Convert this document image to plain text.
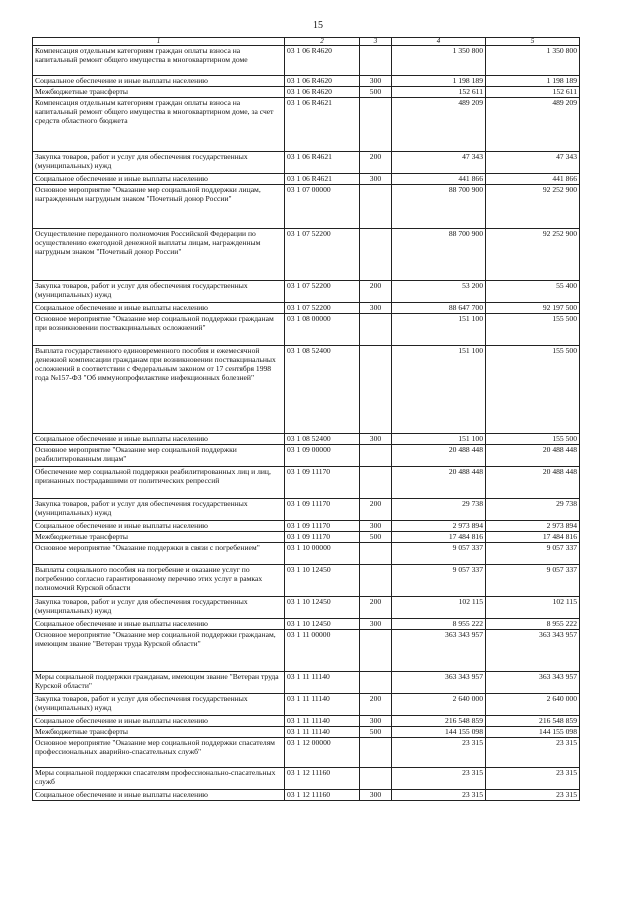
15
1	2	3	4	5
Компенсация отдельным категориям граждан оплаты взноса на капитальный ремонт общего имущества в многоквартирном доме	03 1 06 R4620		1 350 800	1 350 800
Социальное обеспечение и иные выплаты населению	03 1 06 R4620	300	1 198 189	1 198 189
Межбюджетные трансферты	03 1 06 R4620	500	152 611	152 611
Компенсация отдельным категориям граждан оплаты взноса на капитальный ремонт общего имущества в многоквартирном доме, за счет средств областного бюджета	03 1 06 R4621		489 209	489 209
Закупка товаров, работ и услуг для обеспечения государственных (муниципальных) нужд	03 1 06 R4621	200	47 343	47 343
Социальное обеспечение и иные выплаты населению	03 1 06 R4621	300	441 866	441 866
Основное мероприятие "Оказание мер социальной поддержки лицам, награжденным нагрудным знаком "Почетный донор России"	03 1 07 00000		88 700 900	92 252 900
Осуществление переданного полномочия Российской Федерации по осуществлению ежегодной денежной выплаты лицам, награжденным нагрудным знаком "Почетный донор России"	03 1 07 52200		88 700 900	92 252 900
Закупка товаров, работ и услуг для обеспечения государственных (муниципальных) нужд	03 1 07 52200	200	53 200	55 400
Социальное обеспечение и иные выплаты населению	03 1 07 52200	300	88 647 700	92 197 500
Основное мероприятие "Оказание мер социальной поддержки гражданам при возникновении поствакцинальных осложнений"	03 1 08 00000		151 100	155 500
Выплата государственного единовременного пособия и ежемесячной денежной компенсации гражданам при возникновении поствакцинальных осложнений в соответствии с Федеральным законом от 17 сентября 1998 года №157-ФЗ "Об иммунопрофилактике инфекционных болезней"	03 1 08 52400		151 100	155 500
Социальное обеспечение и иные выплаты населению	03 1 08 52400	300	151 100	155 500
Основное мероприятие "Оказание мер социальной поддержки реабилитированным лицам"	03 1 09 00000		20 488 448	20 488 448
Обеспечение мер социальной поддержки реабилитированных лиц и лиц, признанных пострадавшими от политических репрессий	03 1 09 11170		20 488 448	20 488 448
Закупка товаров, работ и услуг для обеспечения государственных (муниципальных) нужд	03 1 09 11170	200	29 738	29 738
Социальное обеспечение и иные выплаты населению	03 1 09 11170	300	2 973 894	2 973 894
Межбюджетные трансферты	03 1 09 11170	500	17 484 816	17 484 816
Основное мероприятие "Оказание поддержки в связи с погребением"	03 1 10 00000		9 057 337	9 057 337
Выплаты социального пособия на погребение и оказание услуг по погребению согласно гарантированному перечню этих услуг в рамках полномочий Курской области	03 1 10 12450		9 057 337	9 057 337
Закупка товаров, работ и услуг для обеспечения государственных (муниципальных) нужд	03 1 10 12450	200	102 115	102 115
Социальное обеспечение и иные выплаты населению	03 1 10 12450	300	8 955 222	8 955 222
Основное мероприятие "Оказание мер социальной поддержки гражданам, имеющим звание "Ветеран труда Курской области"	03 1 11 00000		363 343 957	363 343 957
Меры социальной поддержки гражданам, имеющим звание "Ветеран труда Курской области"	03 1 11 11140		363 343 957	363 343 957
Закупка товаров, работ и услуг для обеспечения государственных (муниципальных) нужд	03 1 11 11140	200	2 640 000	2 640 000
Социальное обеспечение и иные выплаты населению	03 1 11 11140	300	216 548 859	216 548 859
Межбюджетные трансферты	03 1 11 11140	500	144 155 098	144 155 098
Основное мероприятие "Оказание мер социальной поддержки спасателям профессиональных аварийно-спасательных служб"	03 1 12 00000		23 315	23 315
Меры социальной поддержки спасателям профессионально-спасательных служб	03 1 12 11160		23 315	23 315
Социальное обеспечение и иные выплаты населению	03 1 12 11160	300	23 315	23 315
